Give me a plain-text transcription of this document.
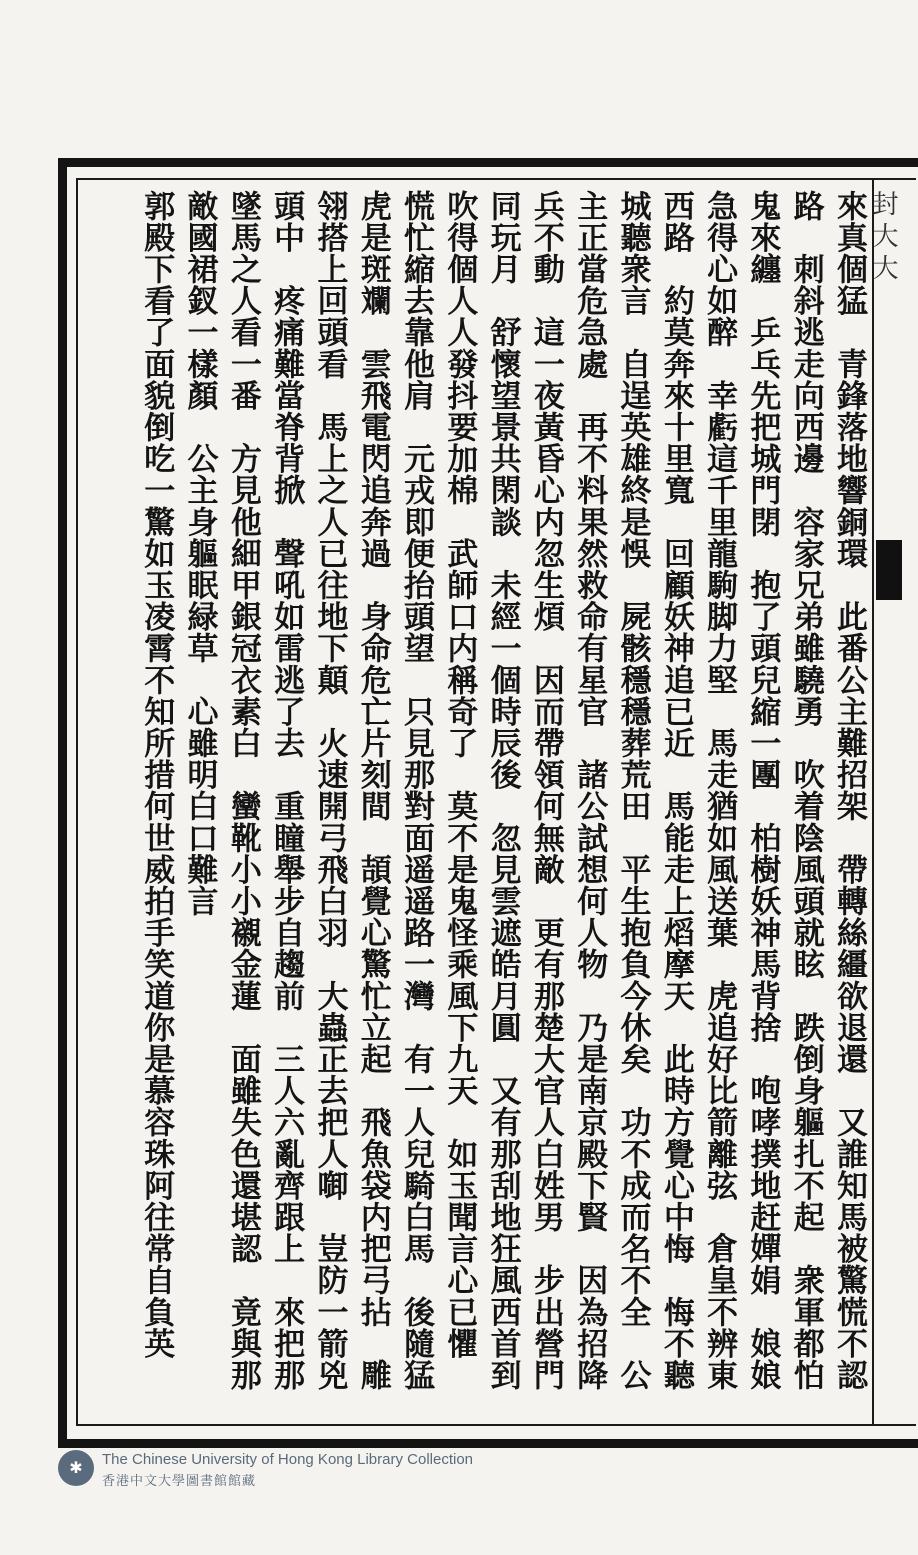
封大大
來真個猛　青鋒落地響銅環　此番公主難招架　帶轉絲繮欲退還　又誰知馬被驚慌不認
路　刺斜逃走向西邊　容家兄弟雖驍勇　吹着陰風頭就眩　跌倒身軀扎不起　衆軍都怕
鬼來纏　乒乓先把城門閉　抱了頭兒縮一團　柏樹妖神馬背捨　咆哮撲地赶嬋娟　娘娘
急得心如醉　幸虧這千里龍駒脚力堅　馬走猶如風送葉　虎追好比箭離弦　倉皇不辨東
西路　約莫奔來十里寬　回顧妖神追已近　馬能走上熖摩天　此時方覺心中悔　悔不聽
城聽衆言　自逞英雄終是悞　屍骸穩穩葬荒田　平生抱負今休矣　功不成而名不全　公
主正當危急處　再不料果然救命有星官　諸公試想何人物　乃是南京殿下賢　因為招降
兵不動　這一夜黃昏心内忽生煩　因而帶領何無敵　更有那楚大官人白姓男　步出營門
同玩月　舒懷望景共閑談　未經一個時辰後　忽見雲遮皓月圓　又有那刮地狂風西首到
吹得個人人發抖要加棉　武師口内稱奇了　莫不是鬼怪乘風下九天　如玉聞言心已懼
慌忙縮去靠他肩　元戎即便抬頭望　只見那對面遥遥路一灣　有一人兒騎白馬　後隨猛
虎是斑斕　雲飛電閃追奔過　身命危亡片刻間　頡覺心驚忙立起　飛魚袋内把弓拈　雕
翎搭上回頭看　馬上之人已往地下顛　火速開弓飛白羽　大蟲正去把人啣　豈防一箭兇
頭中　疼痛難當脊背掀　聲吼如雷逃了去　重瞳舉步自趨前　三人六亂齊跟上　來把那
墜馬之人看一番　方見他細甲銀冠衣素白　蠻靴小小襯金蓮　面雖失色還堪認　竟與那
敵國裙釵一樣顏　公主身軀眠緑草　心雖明白口難言
郭殿下看了面貌倒吃一驚如玉凌霄不知所措何世威拍手笑道你是慕容珠阿往常自負英
✱	The Chinese University of Hong Kong Library Collection
香港中文大學圖書館館藏
